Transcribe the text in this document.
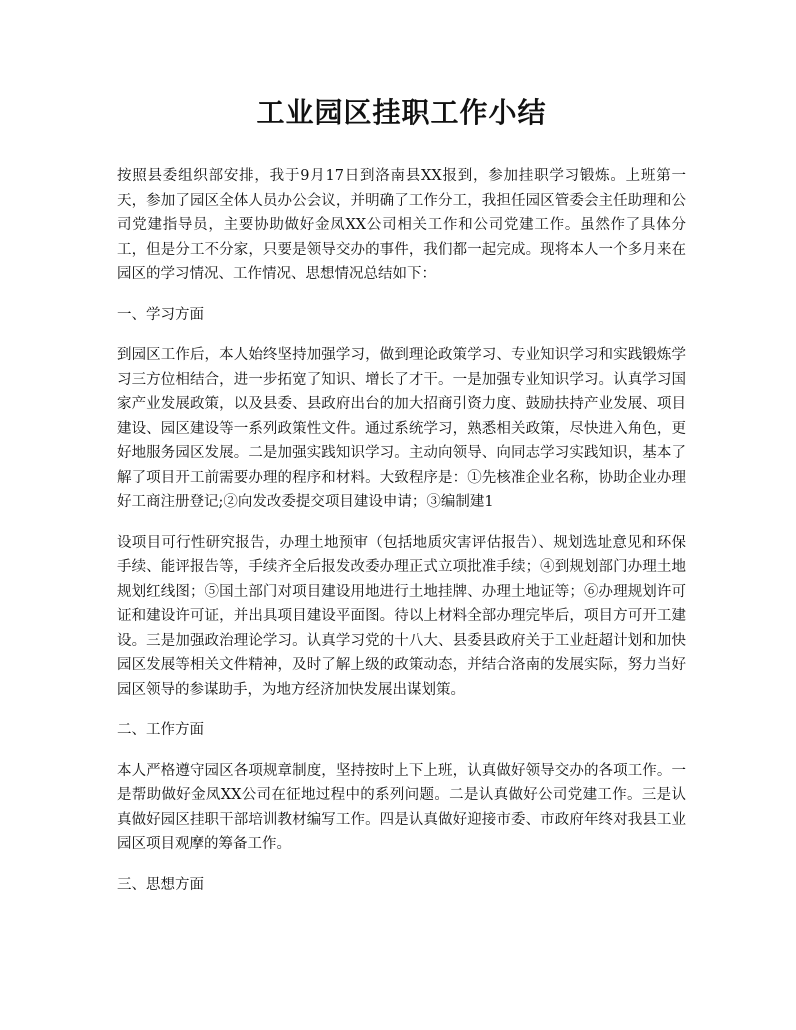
工业园区挂职工作小结

按照县委组织部安排，我于9月17日到洛南县XX报到，参加挂职学习锻炼。上班第一天，参加了园区全体人员办公会议，并明确了工作分工，我担任园区管委会主任助理和公司党建指导员，主要协助做好金凤XX公司相关工作和公司党建工作。虽然作了具体分工，但是分工不分家，只要是领导交办的事件，我们都一起完成。现将本人一个多月来在园区的学习情况、工作情况、思想情况总结如下：

一、学习方面

到园区工作后，本人始终坚持加强学习，做到理论政策学习、专业知识学习和实践锻炼学习三方位相结合，进一步拓宽了知识、增长了才干。一是加强专业知识学习。认真学习国家产业发展政策，以及县委、县政府出台的加大招商引资力度、鼓励扶持产业发展、项目建设、园区建设等一系列政策性文件。通过系统学习，熟悉相关政策，尽快进入角色，更好地服务园区发展。二是加强实践知识学习。主动向领导、向同志学习实践知识，基本了解了项目开工前需要办理的程序和材料。大致程序是：①先核准企业名称，协助企业办理好工商注册登记;②向发改委提交项目建设申请；③编制建1

设项目可行性研究报告，办理土地预审（包括地质灾害评估报告）、规划选址意见和环保手续、能评报告等，手续齐全后报发改委办理正式立项批准手续；④到规划部门办理土地规划红线图；⑤国土部门对项目建设用地进行土地挂牌、办理土地证等；⑥办理规划许可证和建设许可证，并出具项目建设平面图。待以上材料全部办理完毕后，项目方可开工建设。三是加强政治理论学习。认真学习党的十八大、县委县政府关于工业赶超计划和加快园区发展等相关文件精神，及时了解上级的政策动态，并结合洛南的发展实际，努力当好园区领导的参谋助手，为地方经济加快发展出谋划策。

二、工作方面

本人严格遵守园区各项规章制度，坚持按时上下上班，认真做好领导交办的各项工作。一是帮助做好金凤XX公司在征地过程中的系列问题。二是认真做好公司党建工作。三是认真做好园区挂职干部培训教材编写工作。四是认真做好迎接市委、市政府年终对我县工业园区项目观摩的筹备工作。

三、思想方面
